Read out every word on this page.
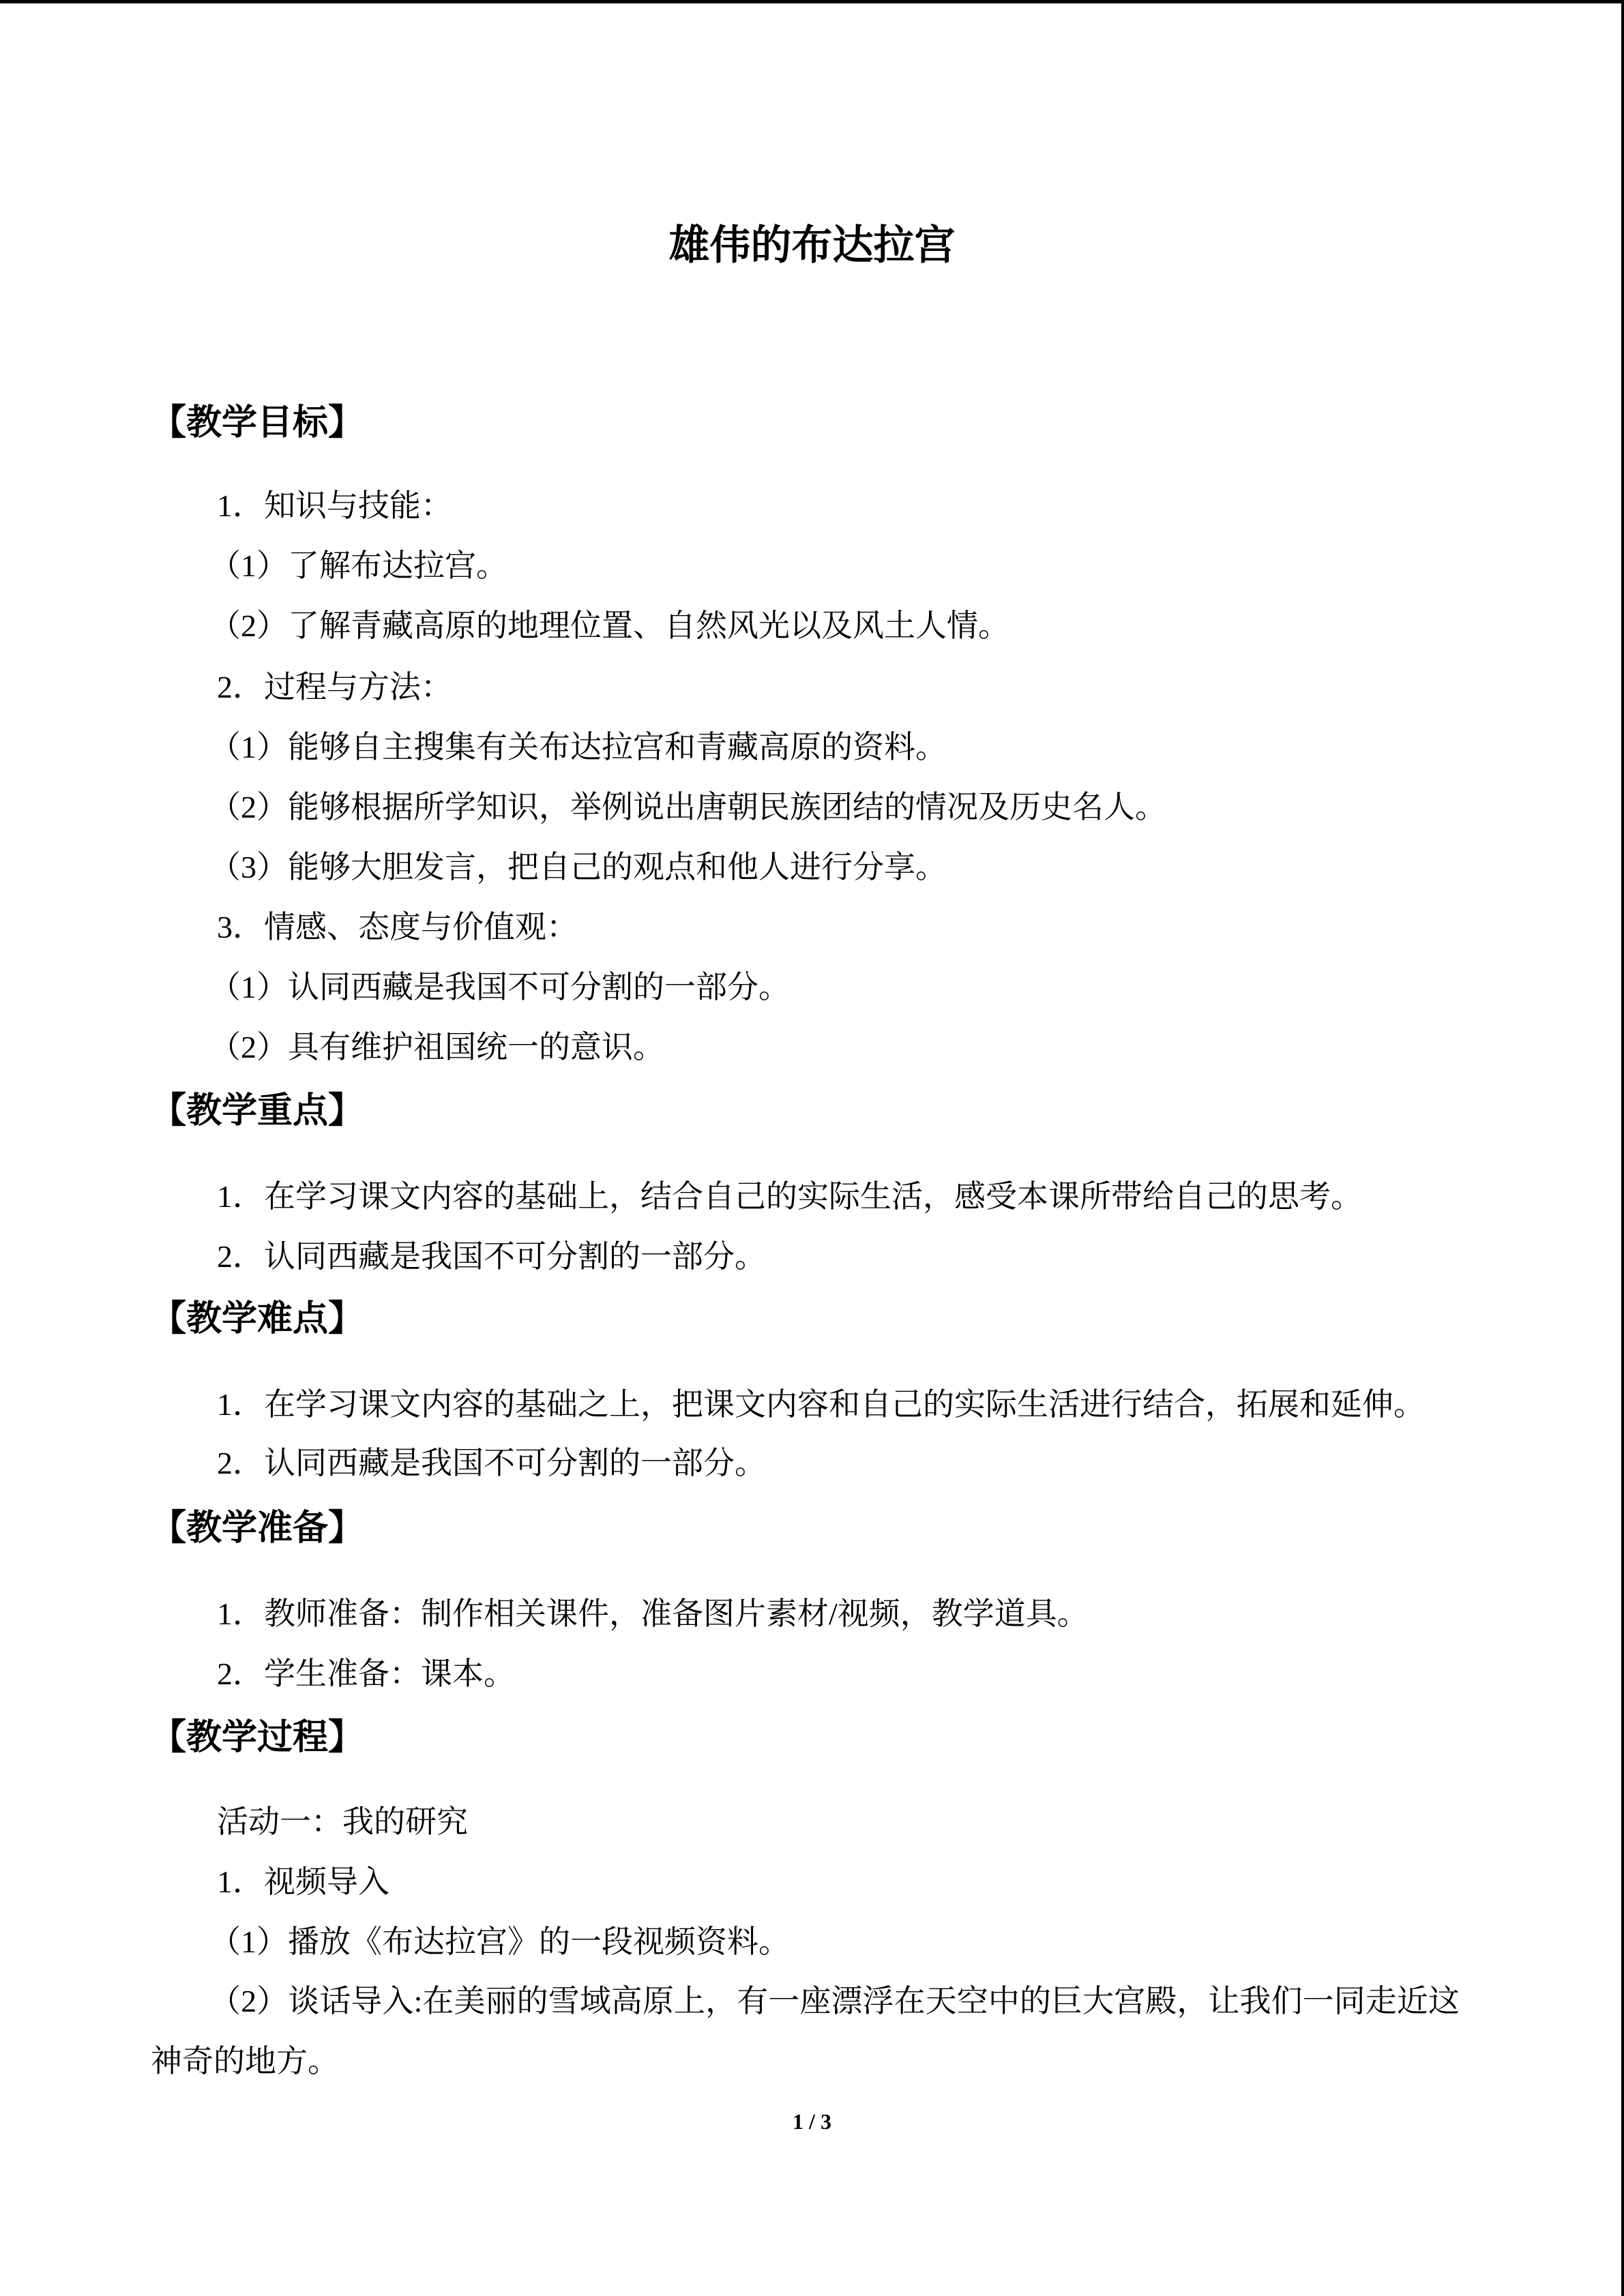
雄伟的布达拉宫
【教学目标】
1．知识与技能：
（1）了解布达拉宫。
（2）了解青藏高原的地理位置、自然风光以及风土人情。
2．过程与方法：
（1）能够自主搜集有关布达拉宫和青藏高原的资料。
（2）能够根据所学知识，举例说出唐朝民族团结的情况及历史名人。
（3）能够大胆发言，把自己的观点和他人进行分享。
3．情感、态度与价值观：
（1）认同西藏是我国不可分割的一部分。
（2）具有维护祖国统一的意识。
【教学重点】
1．在学习课文内容的基础上，结合自己的实际生活，感受本课所带给自己的思考。
2．认同西藏是我国不可分割的一部分。
【教学难点】
1．在学习课文内容的基础之上，把课文内容和自己的实际生活进行结合，拓展和延伸。
2．认同西藏是我国不可分割的一部分。
【教学准备】
1．教师准备：制作相关课件，准备图片素材/视频，教学道具。
2．学生准备：课本。
【教学过程】
活动一：我的研究
1．视频导入
（1）播放《布达拉宫》的一段视频资料。
（2）谈话导入:在美丽的雪域高原上，有一座漂浮在天空中的巨大宫殿，让我们一同走近这神奇的地方。
1 / 3
